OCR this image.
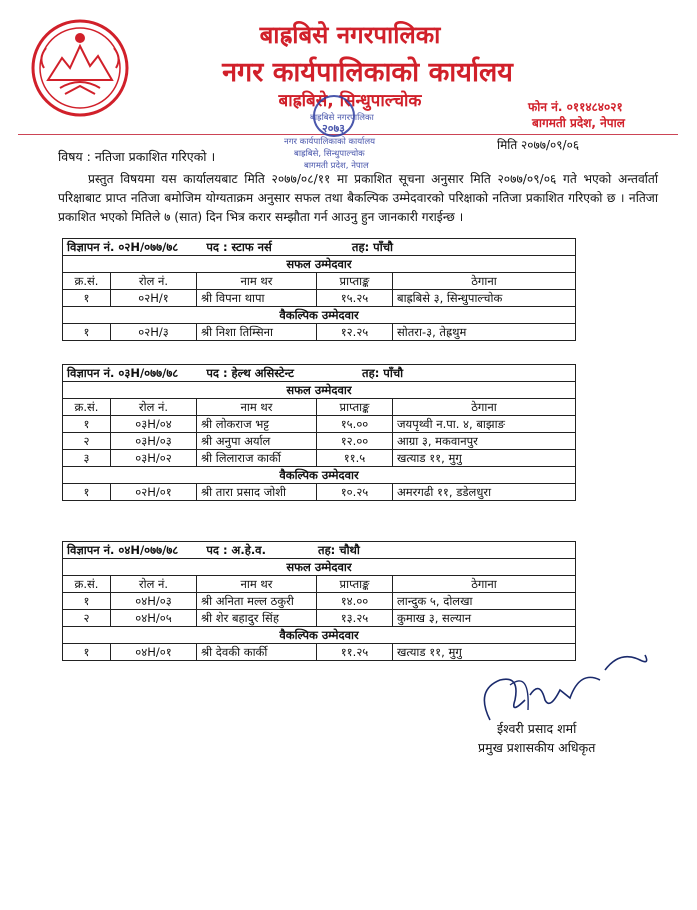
बाह्रबिसे नगरपालिका
नगर कार्यपालिकाको कार्यालय
बाह्रबिसे, सिन्धुपाल्चोक	फोन नं. ०११४८४०२१
बागमती प्रदेश, नेपाल
मिति २०७७/०९/०६
बाह्रबिसे नगरपालिका
२०७३
नगर कार्यपालिकाको कार्यालय
बाह्रबिसे, सिन्धुपाल्चोक
बागमती प्रदेश, नेपाल
विषय : नतिजा प्रकाशित गरिएको ।
प्रस्तुत विषयमा यस कार्यालयबाट मिति २०७७/०८/११ मा प्रकाशित सूचना अनुसार मिति २०७७/०९/०६ गते भएको अन्तर्वार्ता परिक्षाबाट प्राप्त नतिजा बमोजिम योग्यताक्रम अनुसार सफल तथा बैकल्पिक उम्मेदवारको परिक्षाको नतिजा प्रकाशित गरिएको छ । नतिजा प्रकाशित भएको मितिले ७ (सात) दिन भित्र करार सम्झौता गर्न आउनु हुन जानकारी गराईन्छ ।
विज्ञापन नं. ०२H/०७७/७८ पद : स्टाफ नर्स तह: पाँचौ				
सफल उम्मेदवार				
क्र.सं.	रोल नं.	नाम थर	प्राप्ताङ्क	ठेगाना
१	०२H/१	श्री विपना थापा	१५.२५	बाह्रबिसे ३, सिन्धुपाल्चोक
वैकल्पिक उम्मेदवार				
१	०२H/३	श्री निशा तिम्सिना	१२.२५	सोतरा-३, तेह्रथुम
विज्ञापन नं. ०३H/०७७/७८ पद : हेल्थ असिस्टेन्ट तह: पाँचौ				
सफल उम्मेदवार				
क्र.सं.	रोल नं.	नाम थर	प्राप्ताङ्क	ठेगाना
१	०३H/०४	श्री लोकराज भट्ट	१५.००	जयपृथ्वी न.पा. ४, बाझाङ
२	०३H/०३	श्री अनुपा अर्याल	१२.००	आग्रा ३, मकवानपुर
३	०३H/०२	श्री लिलाराज कार्की	११.५	खत्याड ११, मुगु
वैकल्पिक उम्मेदवार				
१	०२H/०१	श्री तारा प्रसाद जोशी	१०.२५	अमरगढी ११, डडेलधुरा
विज्ञापन नं. ०४H/०७७/७८ पद : अ.हे.व. तह: चौथौ				
सफल उम्मेदवार				
क्र.सं.	रोल नं.	नाम थर	प्राप्ताङ्क	ठेगाना
१	०४H/०३	श्री अनिता मल्ल ठकुरी	१४.००	लान्दुक ५, दोलखा
२	०४H/०५	श्री शेर बहादुर सिंह	१३.२५	कुमाख ३, सल्यान
वैकल्पिक उम्मेदवार				
१	०४H/०१	श्री देवकी कार्की	११.२५	खत्याड ११, मुगु
ईश्वरी प्रसाद शर्मा
प्रमुख प्रशासकीय अधिकृत
